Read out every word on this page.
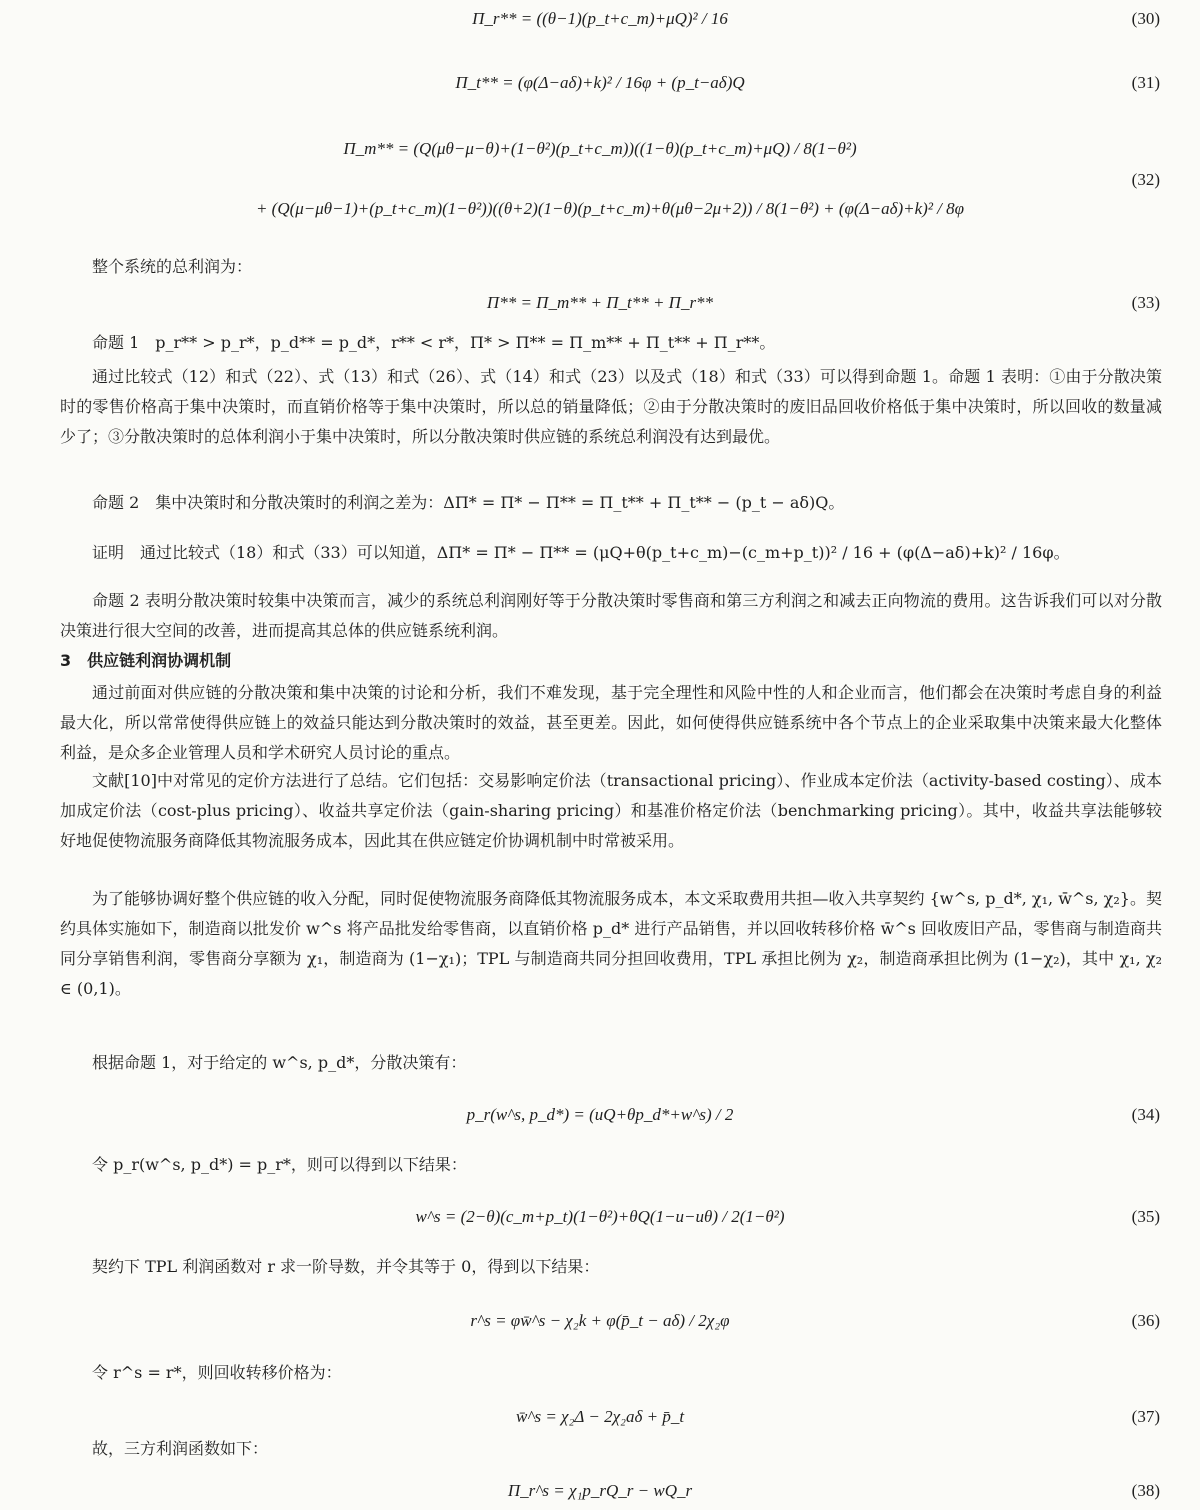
Π_r** = ((θ−1)(p_t+c_m)+μQ)² / 16	(30)
Π_t** = (φ(Δ−aδ)+k)² / 16φ + (p_t−aδ)Q	(31)
Π_m** = (Q(μθ−μ−θ)+(1−θ²)(p_t+c_m))((1−θ)(p_t+c_m)+μQ) / 8(1−θ²)
+ (Q(μ−μθ−1)+(p_t+c_m)(1−θ²))((θ+2)(1−θ)(p_t+c_m)+θ(μθ−2μ+2)) / 8(1−θ²) + (φ(Δ−aδ)+k)² / 8φ
(32)

整个系统的总利润为：

Π** = Π_m** + Π_t** + Π_r**	(33)

命题 1　p_r** > p_r*，p_d** = p_d*，r** < r*，Π* > Π** = Π_m** + Π_t** + Π_r**。

通过比较式（12）和式（22）、式（13）和式（26）、式（14）和式（23）以及式（18）和式（33）可以得到命题 1。命题 1 表明：①由于分散决策时的零售价格高于集中决策时，而直销价格等于集中决策时，所以总的销量降低；②由于分散决策时的废旧品回收价格低于集中决策时，所以回收的数量减少了；③分散决策时的总体利润小于集中决策时，所以分散决策时供应链的系统总利润没有达到最优。

命题 2　集中决策时和分散决策时的利润之差为：ΔΠ* = Π* − Π** = Π_t** + Π_t** − (p_t − aδ)Q。

证明　通过比较式（18）和式（33）可以知道，ΔΠ* = Π* − Π** = (μQ+θ(p_t+c_m)−(c_m+p_t))² / 16 + (φ(Δ−aδ)+k)² / 16φ。

命题 2 表明分散决策时较集中决策而言，减少的系统总利润刚好等于分散决策时零售商和第三方利润之和减去正向物流的费用。这告诉我们可以对分散决策进行很大空间的改善，进而提高其总体的供应链系统利润。

3　供应链利润协调机制

通过前面对供应链的分散决策和集中决策的讨论和分析，我们不难发现，基于完全理性和风险中性的人和企业而言，他们都会在决策时考虑自身的利益最大化，所以常常使得供应链上的效益只能达到分散决策时的效益，甚至更差。因此，如何使得供应链系统中各个节点上的企业采取集中决策来最大化整体利益，是众多企业管理人员和学术研究人员讨论的重点。

文献[10]中对常见的定价方法进行了总结。它们包括：交易影响定价法（transactional pricing）、作业成本定价法（activity-based costing）、成本加成定价法（cost-plus pricing）、收益共享定价法（gain-sharing pricing）和基准价格定价法（benchmarking pricing）。其中，收益共享法能够较好地促使物流服务商降低其物流服务成本，因此其在供应链定价协调机制中时常被采用。

为了能够协调好整个供应链的收入分配，同时促使物流服务商降低其物流服务成本，本文采取费用共担—收入共享契约 {w^s, p_d*, χ₁, w̄^s, χ₂}。契约具体实施如下，制造商以批发价 w^s 将产品批发给零售商，以直销价格 p_d* 进行产品销售，并以回收转移价格 w̄^s 回收废旧产品，零售商与制造商共同分享销售利润，零售商分享额为 χ₁，制造商为 (1−χ₁)；TPL 与制造商共同分担回收费用，TPL 承担比例为 χ₂，制造商承担比例为 (1−χ₂)，其中 χ₁, χ₂ ∈ (0,1)。

根据命题 1，对于给定的 w^s, p_d*，分散决策有：

p_r(w^s, p_d*) = (uQ+θp_d*+w^s) / 2	(34)

令 p_r(w^s, p_d*) = p_r*，则可以得到以下结果：

w^s = (2−θ)(c_m+p_t)(1−θ²)+θQ(1−u−uθ) / 2(1−θ²)	(35)

契约下 TPL 利润函数对 r 求一阶导数，并令其等于 0，得到以下结果：

r^s = φw̄^s − χ₂k + φ(p̄_t − aδ) / 2χ₂φ	(36)

令 r^s = r*，则回收转移价格为：

w̄^s = χ₂Δ − 2χ₂aδ + p̄_t	(37)

故，三方利润函数如下：

Π_r^s = χ₁p_rQ_r − wQ_r	(38)
